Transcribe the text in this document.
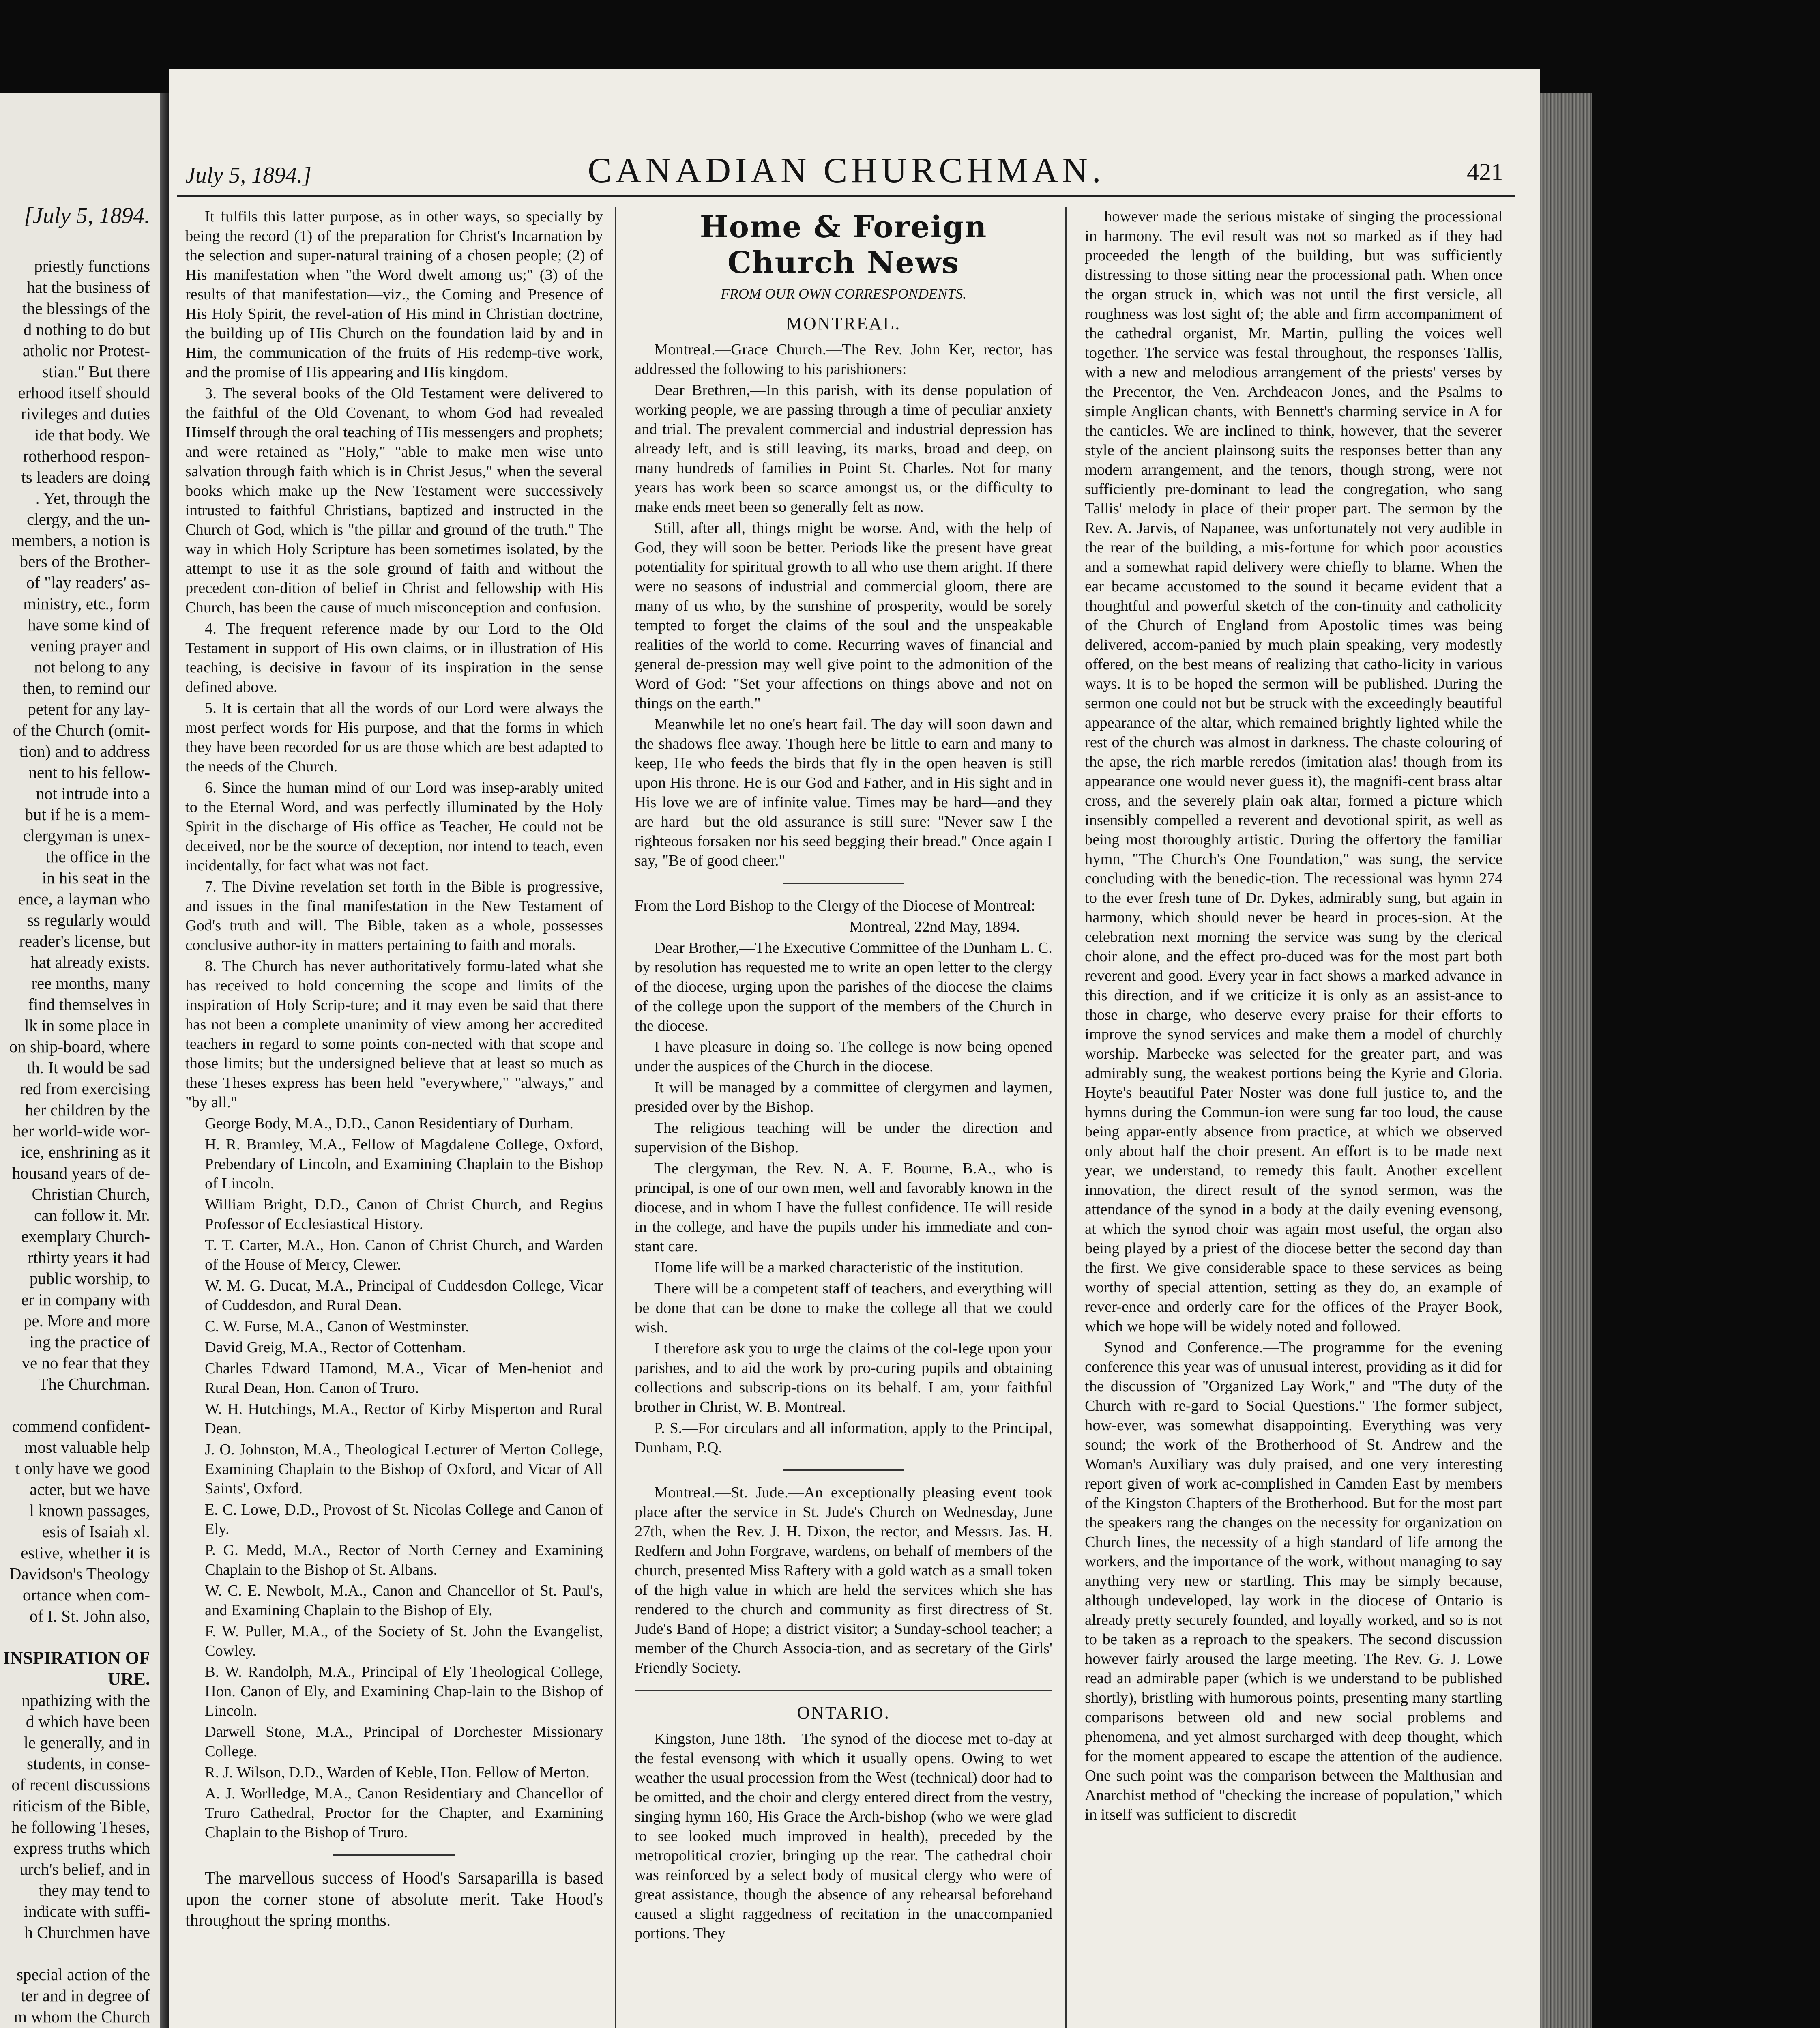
[July 5, 1894.
priestly functions
hat the business of
the blessings of the
d nothing to do but
atholic nor Protest-
stian." But there
erhood itself should
rivileges and duties
ide that body. We
rotherhood respon-
ts leaders are doing
. Yet, through the
clergy, and the un-
members, a notion is
bers of the Brother-
of "lay readers' as-
ministry, etc., form
have some kind of
vening prayer and
not belong to any
then, to remind our
petent for any lay-
of the Church (omit-
tion) and to address
nent to his fellow-
not intrude into a
but if he is a mem-
clergyman is unex-
the office in the
in his seat in the
ence, a layman who
ss regularly would
reader's license, but
hat already exists.
ree months, many
find themselves in
lk in some place in
on ship-board, where
th. It would be sad
red from exercising
her children by the
her world-wide wor-
ice, enshrining as it
housand years of de-
Christian Church,
can follow it. Mr.
exemplary Church-
rthirty years it had
public worship, to
er in company with
pe. More and more
ing the practice of
ve no fear that they
The Churchman.
commend confident-
most valuable help
t only have we good
acter, but we have
l known passages,
esis of Isaiah xl.
estive, whether it is
Davidson's Theology
ortance when com-
of I. St. John also,
INSPIRATION OF
URE.
npathizing with the
d which have been
le generally, and in
students, in conse-
of recent discussions
riticism of the Bible,
he following Theses,
express truths which
urch's belief, and in
they may tend to
indicate with suffi-
h Churchmen have
special action of the
ter and in degree of
m whom the Church
July 5, 1894.]	CANADIAN CHURCHMAN.	421

It fulfils this latter purpose, as in other ways, so specially by being the record (1) of the preparation for Christ's Incarnation by the selection and super-natural training of a chosen people; (2) of His manifestation when "the Word dwelt among us;" (3) of the results of that manifestation—viz., the Coming and Presence of His Holy Spirit, the revel-ation of His mind in Christian doctrine, the building up of His Church on the foundation laid by and in Him, the communication of the fruits of His redemp-tive work, and the promise of His appearing and His kingdom.

3. The several books of the Old Testament were delivered to the faithful of the Old Covenant, to whom God had revealed Himself through the oral teaching of His messengers and prophets; and were retained as "Holy," "able to make men wise unto salvation through faith which is in Christ Jesus," when the several books which make up the New Testament were successively intrusted to faithful Christians, baptized and instructed in the Church of God, which is "the pillar and ground of the truth." The way in which Holy Scripture has been sometimes isolated, by the attempt to use it as the sole ground of faith and without the precedent con-dition of belief in Christ and fellowship with His Church, has been the cause of much misconception and confusion.

4. The frequent reference made by our Lord to the Old Testament in support of His own claims, or in illustration of His teaching, is decisive in favour of its inspiration in the sense defined above.

5. It is certain that all the words of our Lord were always the most perfect words for His purpose, and that the forms in which they have been recorded for us are those which are best adapted to the needs of the Church.

6. Since the human mind of our Lord was insep-arably united to the Eternal Word, and was perfectly illuminated by the Holy Spirit in the discharge of His office as Teacher, He could not be deceived, nor be the source of deception, nor intend to teach, even incidentally, for fact what was not fact.

7. The Divine revelation set forth in the Bible is progressive, and issues in the final manifestation in the New Testament of God's truth and will. The Bible, taken as a whole, possesses conclusive author-ity in matters pertaining to faith and morals.

8. The Church has never authoritatively formu-lated what she has received to hold concerning the scope and limits of the inspiration of Holy Scrip-ture; and it may even be said that there has not been a complete unanimity of view among her accredited teachers in regard to some points con-nected with that scope and those limits; but the undersigned believe that at least so much as these Theses express has been held "everywhere," "always," and "by all."

George Body, M.A., D.D., Canon Residentiary of Durham.

H. R. Bramley, M.A., Fellow of Magdalene College, Oxford, Prebendary of Lincoln, and Examining Chaplain to the Bishop of Lincoln.

William Bright, D.D., Canon of Christ Church, and Regius Professor of Ecclesiastical History.

T. T. Carter, M.A., Hon. Canon of Christ Church, and Warden of the House of Mercy, Clewer.

W. M. G. Ducat, M.A., Principal of Cuddesdon College, Vicar of Cuddesdon, and Rural Dean.

C. W. Furse, M.A., Canon of Westminster.

David Greig, M.A., Rector of Cottenham.

Charles Edward Hamond, M.A., Vicar of Men-heniot and Rural Dean, Hon. Canon of Truro.

W. H. Hutchings, M.A., Rector of Kirby Misperton and Rural Dean.

J. O. Johnston, M.A., Theological Lecturer of Merton College, Examining Chaplain to the Bishop of Oxford, and Vicar of All Saints', Oxford.

E. C. Lowe, D.D., Provost of St. Nicolas College and Canon of Ely.

P. G. Medd, M.A., Rector of North Cerney and Examining Chaplain to the Bishop of St. Albans.

W. C. E. Newbolt, M.A., Canon and Chancellor of St. Paul's, and Examining Chaplain to the Bishop of Ely.

F. W. Puller, M.A., of the Society of St. John the Evangelist, Cowley.

B. W. Randolph, M.A., Principal of Ely Theological College, Hon. Canon of Ely, and Examining Chap-lain to the Bishop of Lincoln.

Darwell Stone, M.A., Principal of Dorchester Missionary College.

R. J. Wilson, D.D., Warden of Keble, Hon. Fellow of Merton.

A. J. Worlledge, M.A., Canon Residentiary and Chancellor of Truro Cathedral, Proctor for the Chapter, and Examining Chaplain to the Bishop of Truro.

The marvellous success of Hood's Sarsaparilla is based upon the corner stone of absolute merit. Take Hood's throughout the spring months.

Home & Foreign Church News
FROM OUR OWN CORRESPONDENTS.
MONTREAL.

Montreal.—Grace Church.—The Rev. John Ker, rector, has addressed the following to his parishioners:

Dear Brethren,—In this parish, with its dense population of working people, we are passing through a time of peculiar anxiety and trial. The prevalent commercial and industrial depression has already left, and is still leaving, its marks, broad and deep, on many hundreds of families in Point St. Charles. Not for many years has work been so scarce amongst us, or the difficulty to make ends meet been so generally felt as now.

Still, after all, things might be worse. And, with the help of God, they will soon be better. Periods like the present have great potentiality for spiritual growth to all who use them aright. If there were no seasons of industrial and commercial gloom, there are many of us who, by the sunshine of prosperity, would be sorely tempted to forget the claims of the soul and the unspeakable realities of the world to come. Recurring waves of financial and general de-pression may well give point to the admonition of the Word of God: "Set your affections on things above and not on things on the earth."

Meanwhile let no one's heart fail. The day will soon dawn and the shadows flee away. Though here be little to earn and many to keep, He who feeds the birds that fly in the open heaven is still upon His throne. He is our God and Father, and in His sight and in His love we are of infinite value. Times may be hard—and they are hard—but the old assurance is still sure: "Never saw I the righteous forsaken nor his seed begging their bread." Once again I say, "Be of good cheer."

From the Lord Bishop to the Clergy of the Diocese of Montreal:

Montreal, 22nd May, 1894.

Dear Brother,—The Executive Committee of the Dunham L. C. by resolution has requested me to write an open letter to the clergy of the diocese, urging upon the parishes of the diocese the claims of the college upon the support of the members of the Church in the diocese.

I have pleasure in doing so. The college is now being opened under the auspices of the Church in the diocese.

It will be managed by a committee of clergymen and laymen, presided over by the Bishop.

The religious teaching will be under the direction and supervision of the Bishop.

The clergyman, the Rev. N. A. F. Bourne, B.A., who is principal, is one of our own men, well and favorably known in the diocese, and in whom I have the fullest confidence. He will reside in the college, and have the pupils under his immediate and con-stant care.

Home life will be a marked characteristic of the institution.

There will be a competent staff of teachers, and everything will be done that can be done to make the college all that we could wish.

I therefore ask you to urge the claims of the col-lege upon your parishes, and to aid the work by pro-curing pupils and obtaining collections and subscrip-tions on its behalf. I am, your faithful brother in Christ, W. B. Montreal.

P. S.—For circulars and all information, apply to the Principal, Dunham, P.Q.

Montreal.—St. Jude.—An exceptionally pleasing event took place after the service in St. Jude's Church on Wednesday, June 27th, when the Rev. J. H. Dixon, the rector, and Messrs. Jas. H. Redfern and John Forgrave, wardens, on behalf of members of the church, presented Miss Raftery with a gold watch as a small token of the high value in which are held the services which she has rendered to the church and community as first directress of St. Jude's Band of Hope; a district visitor; a Sunday-school teacher; a member of the Church Associa-tion, and as secretary of the Girls' Friendly Society.

ONTARIO.

Kingston, June 18th.—The synod of the diocese met to-day at the festal evensong with which it usually opens. Owing to wet weather the usual procession from the West (technical) door had to be omitted, and the choir and clergy entered direct from the vestry, singing hymn 160, His Grace the Arch-bishop (who we were glad to see looked much improved in health), preceded by the metropolitical crozier, bringing up the rear. The cathedral choir was reinforced by a select body of musical clergy who were of great assistance, though the absence of any rehearsal beforehand caused a slight raggedness of recitation in the unaccompanied portions. They

however made the serious mistake of singing the processional in harmony. The evil result was not so marked as if they had proceeded the length of the building, but was sufficiently distressing to those sitting near the processional path. When once the organ struck in, which was not until the first versicle, all roughness was lost sight of; the able and firm accompaniment of the cathedral organist, Mr. Martin, pulling the voices well together. The service was festal throughout, the responses Tallis, with a new and melodious arrangement of the priests' verses by the Precentor, the Ven. Archdeacon Jones, and the Psalms to simple Anglican chants, with Bennett's charming service in A for the canticles. We are inclined to think, however, that the severer style of the ancient plainsong suits the responses better than any modern arrangement, and the tenors, though strong, were not sufficiently pre-dominant to lead the congregation, who sang Tallis' melody in place of their proper part. The sermon by the Rev. A. Jarvis, of Napanee, was unfortunately not very audible in the rear of the building, a mis-fortune for which poor acoustics and a somewhat rapid delivery were chiefly to blame. When the ear became accustomed to the sound it became evident that a thoughtful and powerful sketch of the con-tinuity and catholicity of the Church of England from Apostolic times was being delivered, accom-panied by much plain speaking, very modestly offered, on the best means of realizing that catho-licity in various ways. It is to be hoped the sermon will be published. During the sermon one could not but be struck with the exceedingly beautiful appearance of the altar, which remained brightly lighted while the rest of the church was almost in darkness. The chaste colouring of the apse, the rich marble reredos (imitation alas! though from its appearance one would never guess it), the magnifi-cent brass altar cross, and the severely plain oak altar, formed a picture which insensibly compelled a reverent and devotional spirit, as well as being most thoroughly artistic. During the offertory the familiar hymn, "The Church's One Foundation," was sung, the service concluding with the benedic-tion. The recessional was hymn 274 to the ever fresh tune of Dr. Dykes, admirably sung, but again in harmony, which should never be heard in proces-sion. At the celebration next morning the service was sung by the clerical choir alone, and the effect pro-duced was for the most part both reverent and good. Every year in fact shows a marked advance in this direction, and if we criticize it is only as an assist-ance to those in charge, who deserve every praise for their efforts to improve the synod services and make them a model of churchly worship. Marbecke was selected for the greater part, and was admirably sung, the weakest portions being the Kyrie and Gloria. Hoyte's beautiful Pater Noster was done full justice to, and the hymns during the Commun-ion were sung far too loud, the cause being appar-ently absence from practice, at which we observed only about half the choir present. An effort is to be made next year, we understand, to remedy this fault. Another excellent innovation, the direct result of the synod sermon, was the attendance of the synod in a body at the daily evening evensong, at which the synod choir was again most useful, the organ also being played by a priest of the diocese better the second day than the first. We give considerable space to these services as being worthy of special attention, setting as they do, an example of rever-ence and orderly care for the offices of the Prayer Book, which we hope will be widely noted and followed.

Synod and Conference.—The programme for the evening conference this year was of unusual interest, providing as it did for the discussion of "Organized Lay Work," and "The duty of the Church with re-gard to Social Questions." The former subject, how-ever, was somewhat disappointing. Everything was very sound; the work of the Brotherhood of St. Andrew and the Woman's Auxiliary was duly praised, and one very interesting report given of work ac-complished in Camden East by members of the Kingston Chapters of the Brotherhood. But for the most part the speakers rang the changes on the necessity for organization on Church lines, the necessity of a high standard of life among the workers, and the importance of the work, without managing to say anything very new or startling. This may be simply because, although undeveloped, lay work in the diocese of Ontario is already pretty securely founded, and loyally worked, and so is not to be taken as a reproach to the speakers. The second discussion however fairly aroused the large meeting. The Rev. G. J. Lowe read an admirable paper (which is we understand to be published shortly), bristling with humorous points, presenting many startling comparisons between old and new social problems and phenomena, and yet almost surcharged with deep thought, which for the moment appeared to escape the attention of the audience. One such point was the comparison between the Malthusian and Anarchist method of "checking the increase of population," which in itself was sufficient to discredit
